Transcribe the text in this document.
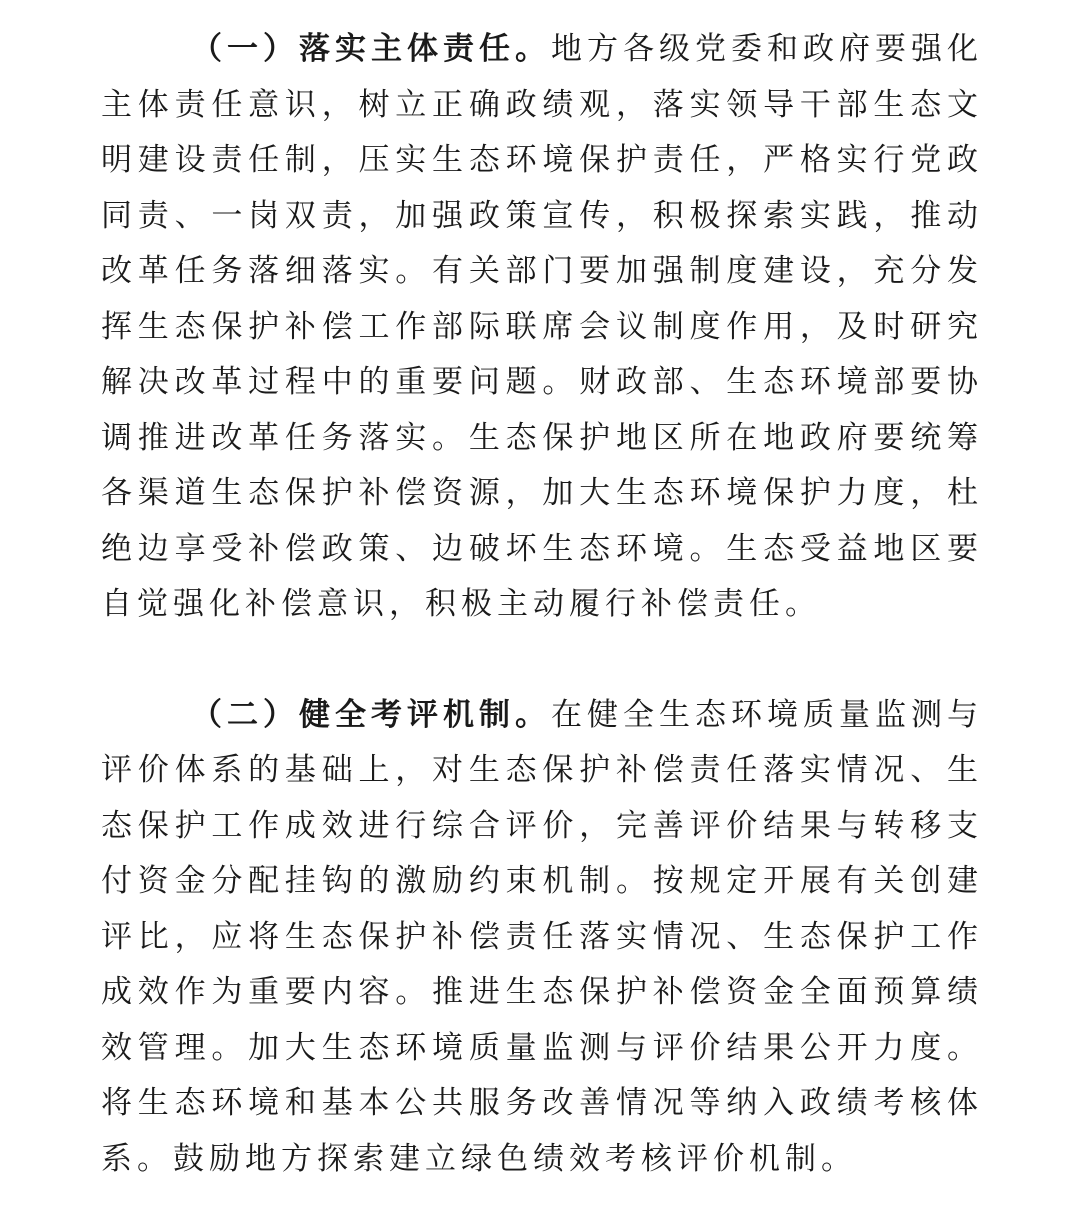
（一）落实主体责任。地方各级党委和政府要强化主体责任意识，树立正确政绩观，落实领导干部生态文明建设责任制，压实生态环境保护责任，严格实行党政同责、一岗双责，加强政策宣传，积极探索实践，推动改革任务落细落实。有关部门要加强制度建设，充分发挥生态保护补偿工作部际联席会议制度作用，及时研究解决改革过程中的重要问题。财政部、生态环境部要协调推进改革任务落实。生态保护地区所在地政府要统筹各渠道生态保护补偿资源，加大生态环境保护力度，杜绝边享受补偿政策、边破坏生态环境。生态受益地区要自觉强化补偿意识，积极主动履行补偿责任。

（二）健全考评机制。在健全生态环境质量监测与评价体系的基础上，对生态保护补偿责任落实情况、生态保护工作成效进行综合评价，完善评价结果与转移支付资金分配挂钩的激励约束机制。按规定开展有关创建评比，应将生态保护补偿责任落实情况、生态保护工作成效作为重要内容。推进生态保护补偿资金全面预算绩效管理。加大生态环境质量监测与评价结果公开力度。将生态环境和基本公共服务改善情况等纳入政绩考核体系。鼓励地方探索建立绿色绩效考核评价机制。
